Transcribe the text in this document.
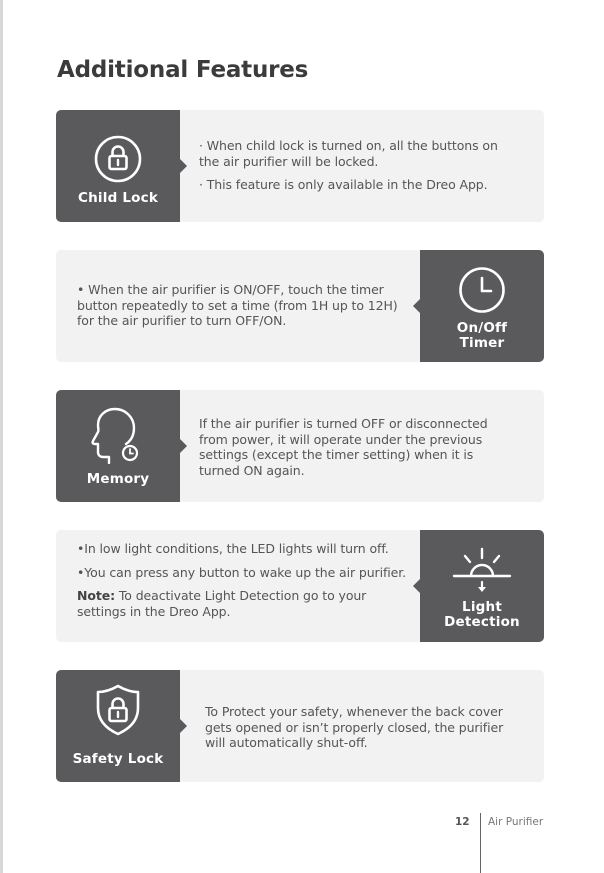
Additional Features
Child Lock

· When child lock is turned on, all the buttons on the air purifier will be locked.

· This feature is only available in the Dreo App.

• When the air purifier is ON/OFF, touch the timer button repeatedly to set a time (from 1H up to 12H) for the air purifier to turn OFF/ON.	On/Off
Timer
Memory

If the air purifier is turned OFF or disconnected from power, it will operate under the previous settings (except the timer setting) when it is turned ON again.

•In low light conditions, the LED lights will turn off.

•You can press any button to wake up the air purifier.

Note: To deactivate Light Detection go to your settings in the Dreo App.	Light
Detection
Safety Lock

To Protect your safety, whenever the back cover gets opened or isn’t properly closed, the purifier will automatically shut-off.

12 Air Purifier
